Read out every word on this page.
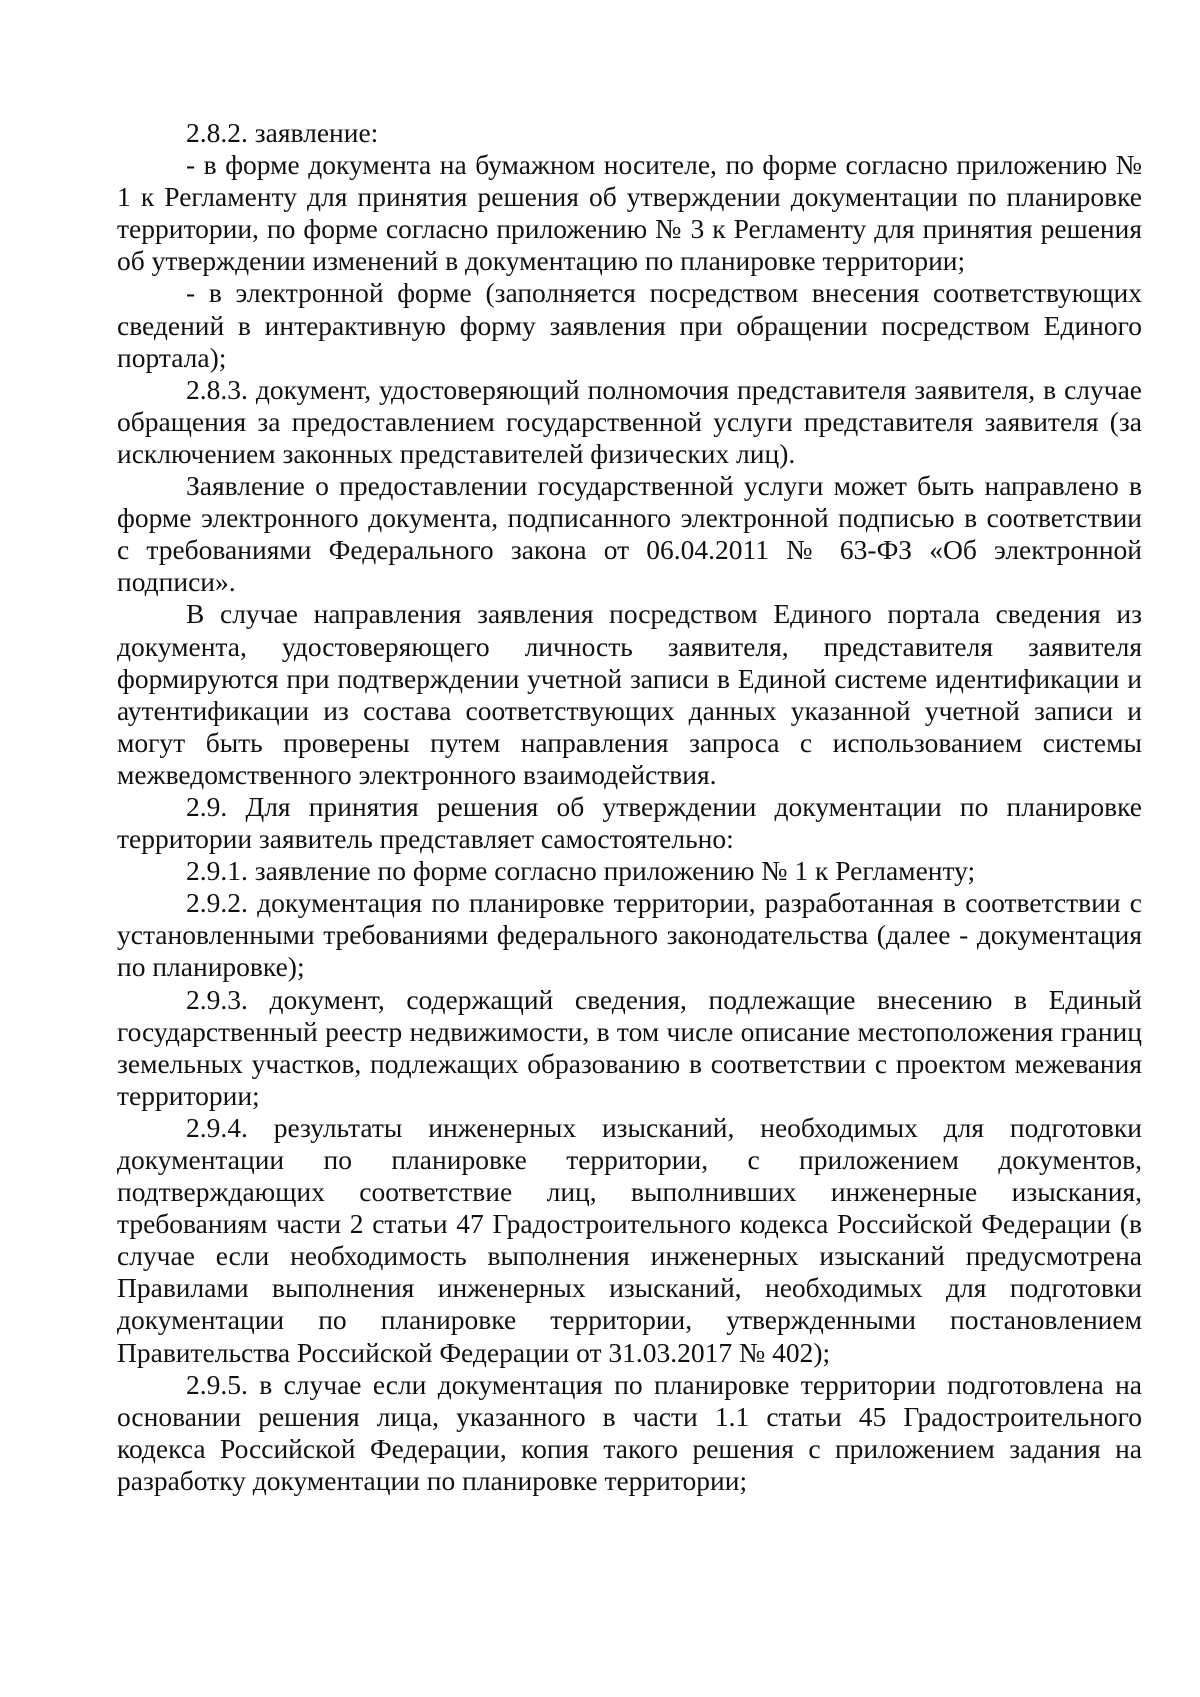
2.8.2. заявление:

- в форме документа на бумажном носителе, по форме согласно приложению № 1 к Регламенту для принятия решения об утверждении документации по планировке территории, по форме согласно приложению № 3 к Регламенту для принятия решения об утверждении изменений в документацию по планировке территории;

- в электронной форме (заполняется посредством внесения соответствующих сведений в интерактивную форму заявления при обращении посредством Единого портала);

2.8.3. документ, удостоверяющий полномочия представителя заявителя, в случае обращения за предоставлением государственной услуги представителя заявителя (за исключением законных представителей физических лиц).

Заявление о предоставлении государственной услуги может быть направлено в форме электронного документа, подписанного электронной подписью в соответствии с требованиями Федерального закона от 06.04.2011 № 63-ФЗ «Об электронной подписи».

В случае направления заявления посредством Единого портала сведения из документа, удостоверяющего личность заявителя, представителя заявителя формируются при подтверждении учетной записи в Единой системе идентификации и аутентификации из состава соответствующих данных указанной учетной записи и могут быть проверены путем направления запроса с использованием системы межведомственного электронного взаимодействия.

2.9. Для принятия решения об утверждении документации по планировке территории заявитель представляет самостоятельно:

2.9.1. заявление по форме согласно приложению № 1 к Регламенту;

2.9.2. документация по планировке территории, разработанная в соответствии с установленными требованиями федерального законодательства (далее - документация по планировке);

2.9.3. документ, содержащий сведения, подлежащие внесению в Единый государственный реестр недвижимости, в том числе описание местоположения границ земельных участков, подлежащих образованию в соответствии с проектом межевания территории;

2.9.4. результаты инженерных изысканий, необходимых для подготовки документации по планировке территории, с приложением документов, подтверждающих соответствие лиц, выполнивших инженерные изыскания, требованиям части 2 статьи 47 Градостроительного кодекса Российской Федерации (в случае если необходимость выполнения инженерных изысканий предусмотрена Правилами выполнения инженерных изысканий, необходимых для подготовки документации по планировке территории, утвержденными постановлением Правительства Российской Федерации от 31.03.2017 № 402);

2.9.5. в случае если документация по планировке территории подготовлена на основании решения лица, указанного в части 1.1 статьи 45 Градостроительного кодекса Российской Федерации, копия такого решения с приложением задания на разработку документации по планировке территории;
